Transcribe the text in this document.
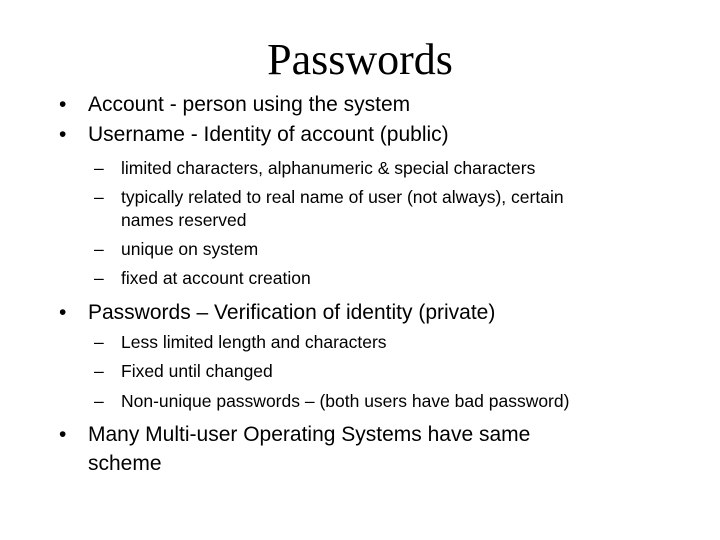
Passwords
• Account - person using the system
• Username - Identity of account (public)
– limited characters, alphanumeric & special characters
– typically related to real name of user (not always), certain
names reserved
– unique on system
– fixed at account creation
• Passwords – Verification of identity (private)
– Less limited length and characters
– Fixed until changed
– Non-unique passwords – (both users have bad password)
• Many Multi-user Operating Systems have same
scheme
